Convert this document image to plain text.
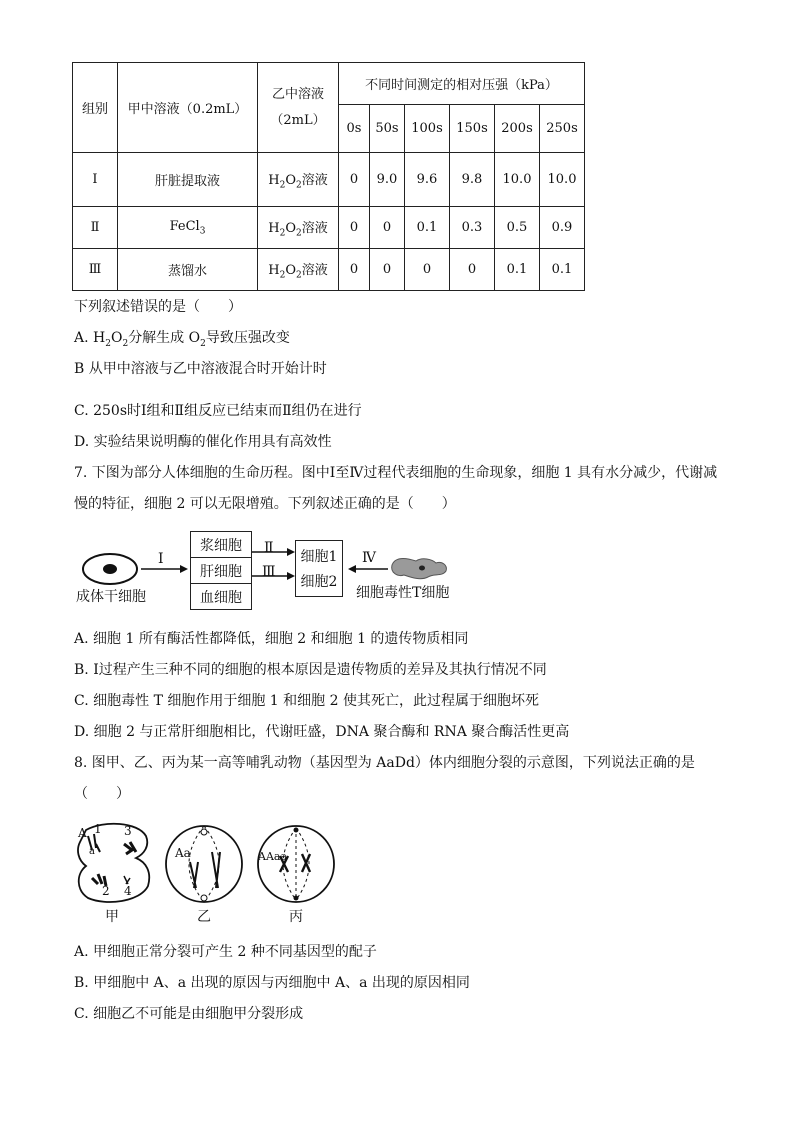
组别	甲中溶液（0.2mL）	乙中溶液
（2mL）	不同时间测定的相对压强（kPa）					
			0s	50s	100s	150s	200s	250s
Ⅰ	肝脏提取液	$H_2O_2$溶液	0	9.0	9.6	9.8	10.0	10.0
Ⅱ	FeCl$_3$	$H_2O_2$溶液	0	0	0.1	0.3	0.5	0.9
Ⅲ	蒸馏水	$H_2O_2$溶液	0	0	0	0	0.1	0.1
下列叙述错误的是（　　）
A. $H_2O_2$分解生成 $O_2$导致压强改变
B 从甲中溶液与乙中溶液混合时开始计时
C. 250s时Ⅰ组和Ⅱ组反应已结束而Ⅱ组仍在进行
D. 实验结果说明酶的催化作用具有高效性
7. 下图为部分人体细胞的生命历程。图中Ⅰ至Ⅳ过程代表细胞的生命现象，细胞 1 具有水分减少，代谢减
慢的特征，细胞 2 可以无限增殖。下列叙述正确的是（　　）
Ⅰ
Ⅱ
Ⅲ
Ⅳ
浆细胞
肝细胞
血细胞
细胞1
细胞2
成体干细胞	细胞毒性T细胞
A. 细胞 1 所有酶活性都降低，细胞 2 和细胞 1 的遗传物质相同
B. Ⅰ过程产生三种不同的细胞的根本原因是遗传物质的差异及其执行情况不同
C. 细胞毒性 T 细胞作用于细胞 1 和细胞 2 使其死亡，此过程属于细胞坏死
D. 细胞 2 与正常肝细胞相比，代谢旺盛，DNA 聚合酶和 RNA 聚合酶活性更高
8. 图甲、乙、丙为某一高等哺乳动物（基因型为 AaDd）体内细胞分裂的示意图，下列说法正确的是
（　　）
A
a
1
2
3
4
Aa	AAaa
甲	乙	丙
A. 甲细胞正常分裂可产生 2 种不同基因型的配子
B. 甲细胞中 A、a 出现的原因与丙细胞中 A、a 出现的原因相同
C. 细胞乙不可能是由细胞甲分裂形成
